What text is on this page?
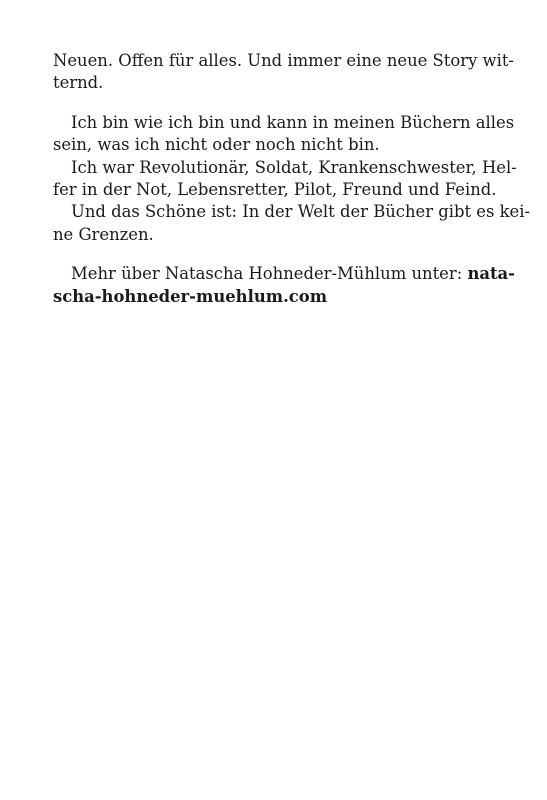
Neuen. Offen für alles. Und immer eine neue Story wit-
ternd.
Ich bin wie ich bin und kann in meinen Büchern alles
sein, was ich nicht oder noch nicht bin.
Ich war Revolutionär, Soldat, Krankenschwester, Hel-
fer in der Not, Lebensretter, Pilot, Freund und Feind.
Und das Schöne ist: In der Welt der Bücher gibt es kei-
ne Grenzen.
Mehr über Natascha Hohneder-Mühlum unter: nata-
scha-hohneder-muehlum.com
